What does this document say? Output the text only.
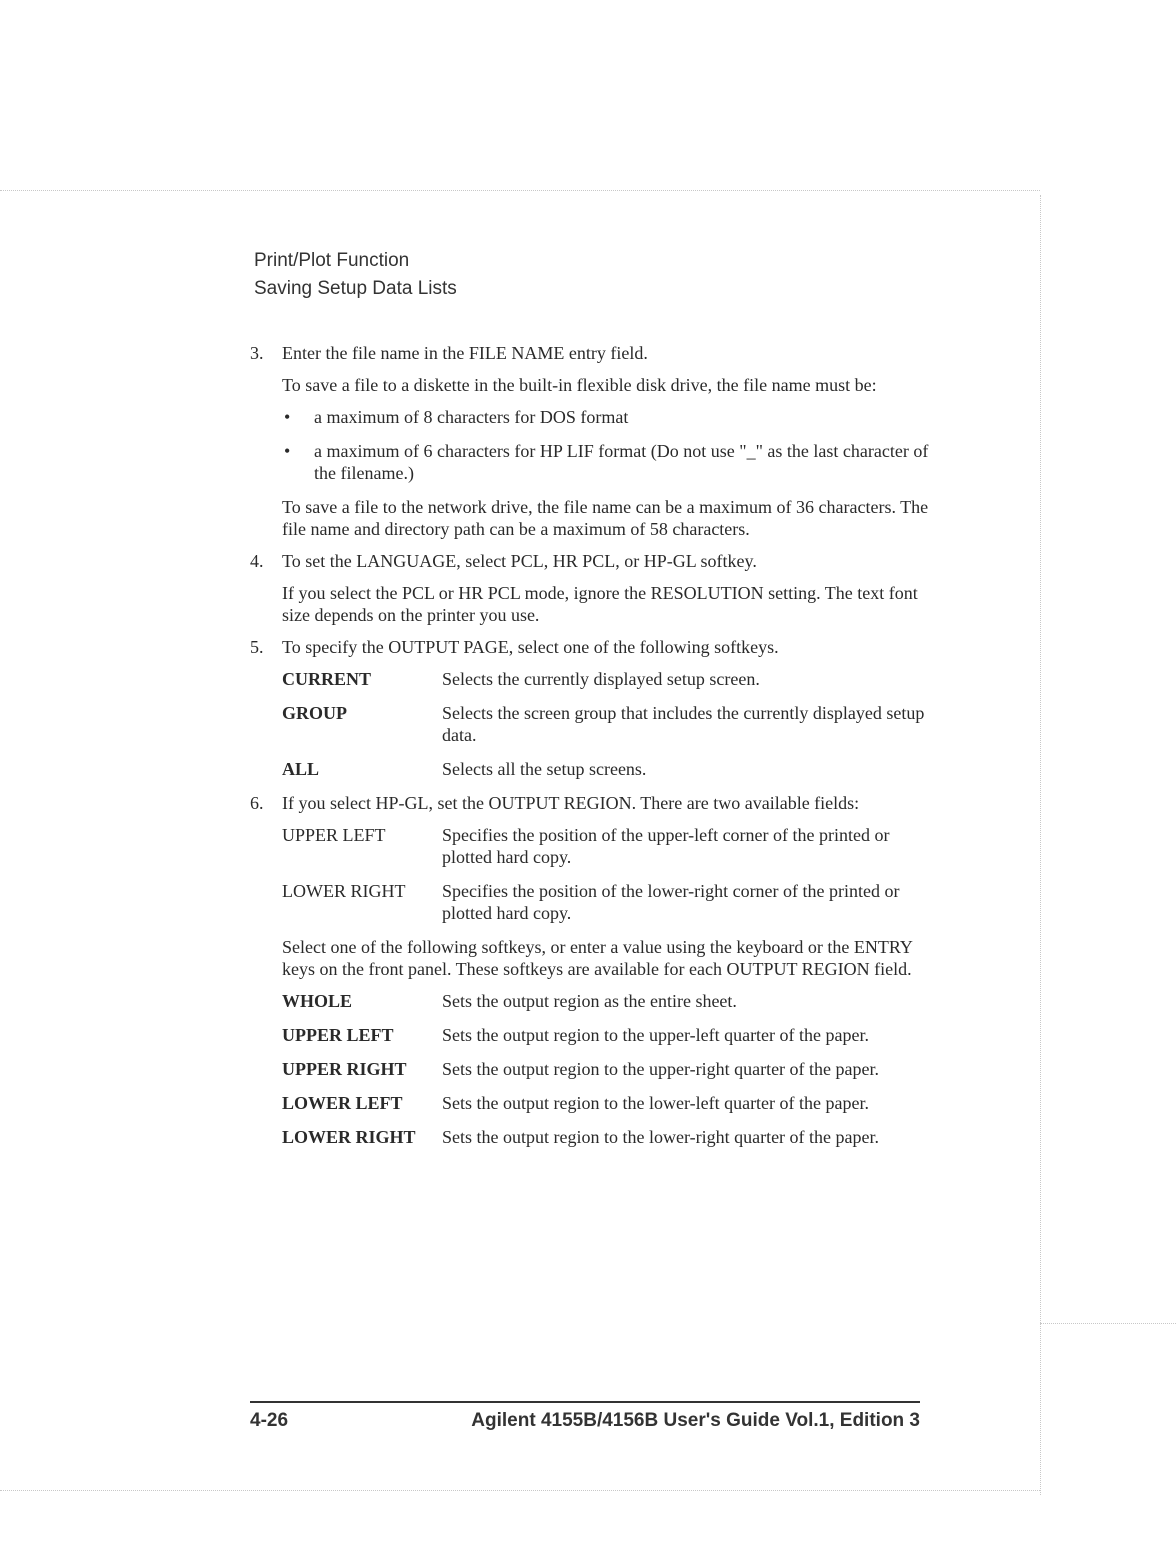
Print/Plot Function
Saving Setup Data Lists
3.	Enter the file name in the FILE NAME entry field.

To save a file to a diskette in the built-in flexible disk drive, the file name must be:

• a maximum of 8 characters for DOS format
• a maximum of 6 characters for HP LIF format (Do not use "_" as the last character of the filename.)

To save a file to the network drive, the file name can be a maximum of 36 characters. The file name and directory path can be a maximum of 58 characters.

4.	To set the LANGUAGE, select PCL, HR PCL, or HP-GL softkey.

If you select the PCL or HR PCL mode, ignore the RESOLUTION setting. The text font size depends on the printer you use.

5.	To specify the OUTPUT PAGE, select one of the following softkeys.

CURRENT	Selects the currently displayed setup screen.
GROUP	Selects the screen group that includes the currently displayed setup data.
ALL	Selects all the setup screens.
6.	If you select HP-GL, set the OUTPUT REGION. There are two available fields:

UPPER LEFT	Specifies the position of the upper-left corner of the printed or plotted hard copy.
LOWER RIGHT	Specifies the position of the lower-right corner of the printed or plotted hard copy.

Select one of the following softkeys, or enter a value using the keyboard or the ENTRY keys on the front panel. These softkeys are available for each OUTPUT REGION field.

WHOLE	Sets the output region as the entire sheet.
UPPER LEFT	Sets the output region to the upper-left quarter of the paper.
UPPER RIGHT	Sets the output region to the upper-right quarter of the paper.
LOWER LEFT	Sets the output region to the lower-left quarter of the paper.
LOWER RIGHT	Sets the output region to the lower-right quarter of the paper.
4-26	Agilent 4155B/4156B User's Guide Vol.1, Edition 3
